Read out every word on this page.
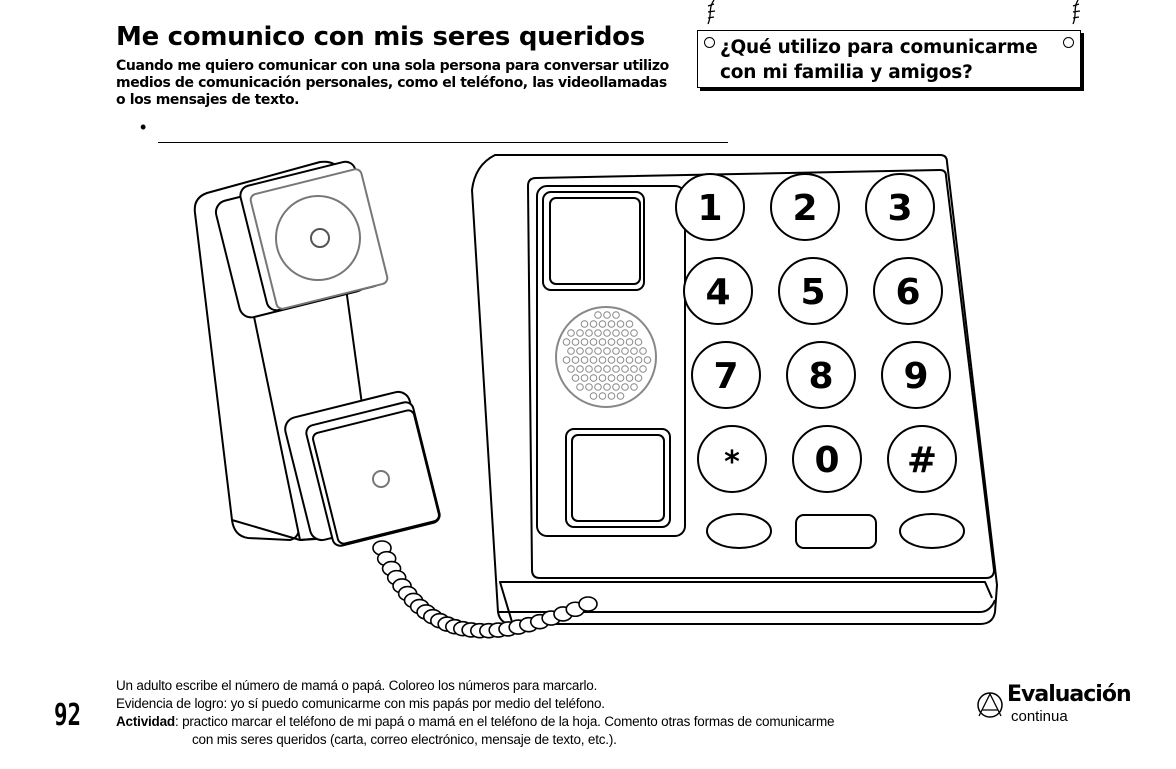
Me comunico con mis seres queridos

Cuando me quiero comunicar con una sola persona para conversar utilizo medios de comunicación personales, como el teléfono, las videollamadas o los mensajes de texto.

•

¿Qué utilizo para comunicarme
con mi familia y amigos?

1 2 3
4 5 6
7 8 9
* 0 #

Un adulto escribe el número de mamá o papá. Coloreo los números para marcarlo.

Evidencia de logro: yo sí puedo comunicarme con mis papás por medio del teléfono.

Actividad: practico marcar el teléfono de mi papá o mamá en el teléfono de la hoja. Comento otras formas de comunicarme

con mis seres queridos (carta, correo electrónico, mensaje de texto, etc.).

92
Evaluación
continua
